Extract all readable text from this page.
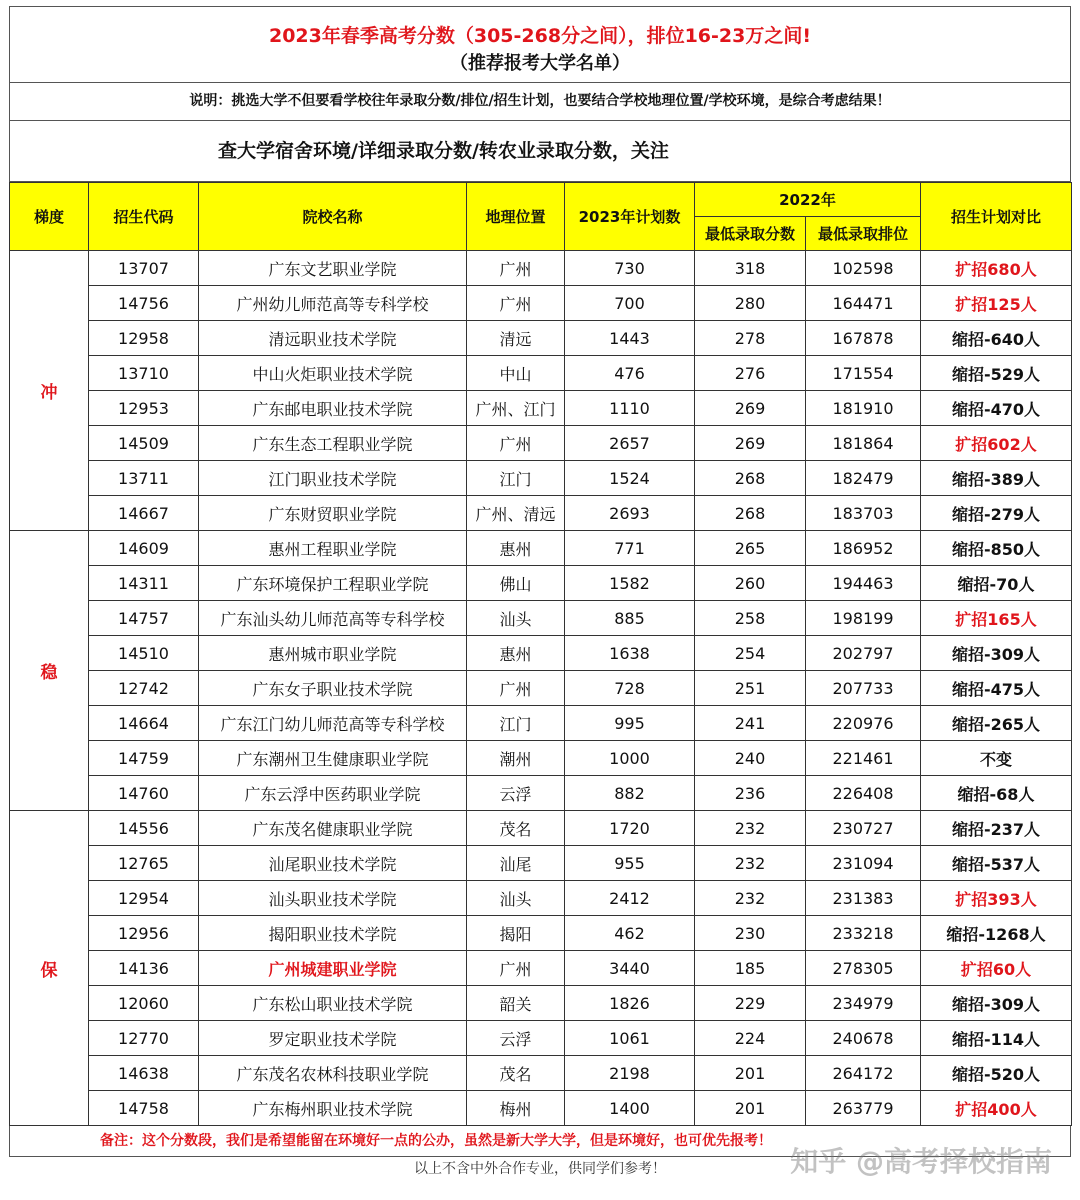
2023年春季高考分数（305-268分之间），排位16-23万之间!
（推荐报考大学名单）
说明：挑选大学不但要看学校往年录取分数/排位/招生计划，也要结合学校地理位置/学校环境，是综合考虑结果！
查大学宿舍环境/详细录取分数/转农业录取分数，关注
梯度	招生代码	院校名称	地理位置	2023年计划数	2022年		招生计划对比
					最低录取分数	最低录取排位	
冲	13707	广东文艺职业学院	广州	730	318	102598	扩招680人
	14756	广州幼儿师范高等专科学校	广州	700	280	164471	扩招125人
	12958	清远职业技术学院	清远	1443	278	167878	缩招-640人
	13710	中山火炬职业技术学院	中山	476	276	171554	缩招-529人
	12953	广东邮电职业技术学院	广州、江门	1110	269	181910	缩招-470人
	14509	广东生态工程职业学院	广州	2657	269	181864	扩招602人
	13711	江门职业技术学院	江门	1524	268	182479	缩招-389人
	14667	广东财贸职业学院	广州、清远	2693	268	183703	缩招-279人
稳	14609	惠州工程职业学院	惠州	771	265	186952	缩招-850人
	14311	广东环境保护工程职业学院	佛山	1582	260	194463	缩招-70人
	14757	广东汕头幼儿师范高等专科学校	汕头	885	258	198199	扩招165人
	14510	惠州城市职业学院	惠州	1638	254	202797	缩招-309人
	12742	广东女子职业技术学院	广州	728	251	207733	缩招-475人
	14664	广东江门幼儿师范高等专科学校	江门	995	241	220976	缩招-265人
	14759	广东潮州卫生健康职业学院	潮州	1000	240	221461	不变
	14760	广东云浮中医药职业学院	云浮	882	236	226408	缩招-68人
保	14556	广东茂名健康职业学院	茂名	1720	232	230727	缩招-237人
	12765	汕尾职业技术学院	汕尾	955	232	231094	缩招-537人
	12954	汕头职业技术学院	汕头	2412	232	231383	扩招393人
	12956	揭阳职业技术学院	揭阳	462	230	233218	缩招-1268人
	14136	广州城建职业学院	广州	3440	185	278305	扩招60人
	12060	广东松山职业技术学院	韶关	1826	229	234979	缩招-309人
	12770	罗定职业技术学院	云浮	1061	224	240678	缩招-114人
	14638	广东茂名农林科技职业学院	茂名	2198	201	264172	缩招-520人
	14758	广东梅州职业技术学院	梅州	1400	201	263779	扩招400人
备注：这个分数段，我们是希望能留在环境好一点的公办，虽然是新大学大学，但是环境好，也可优先报考！
以上不含中外合作专业，供同学们参考！	知乎 @高考择校指南
